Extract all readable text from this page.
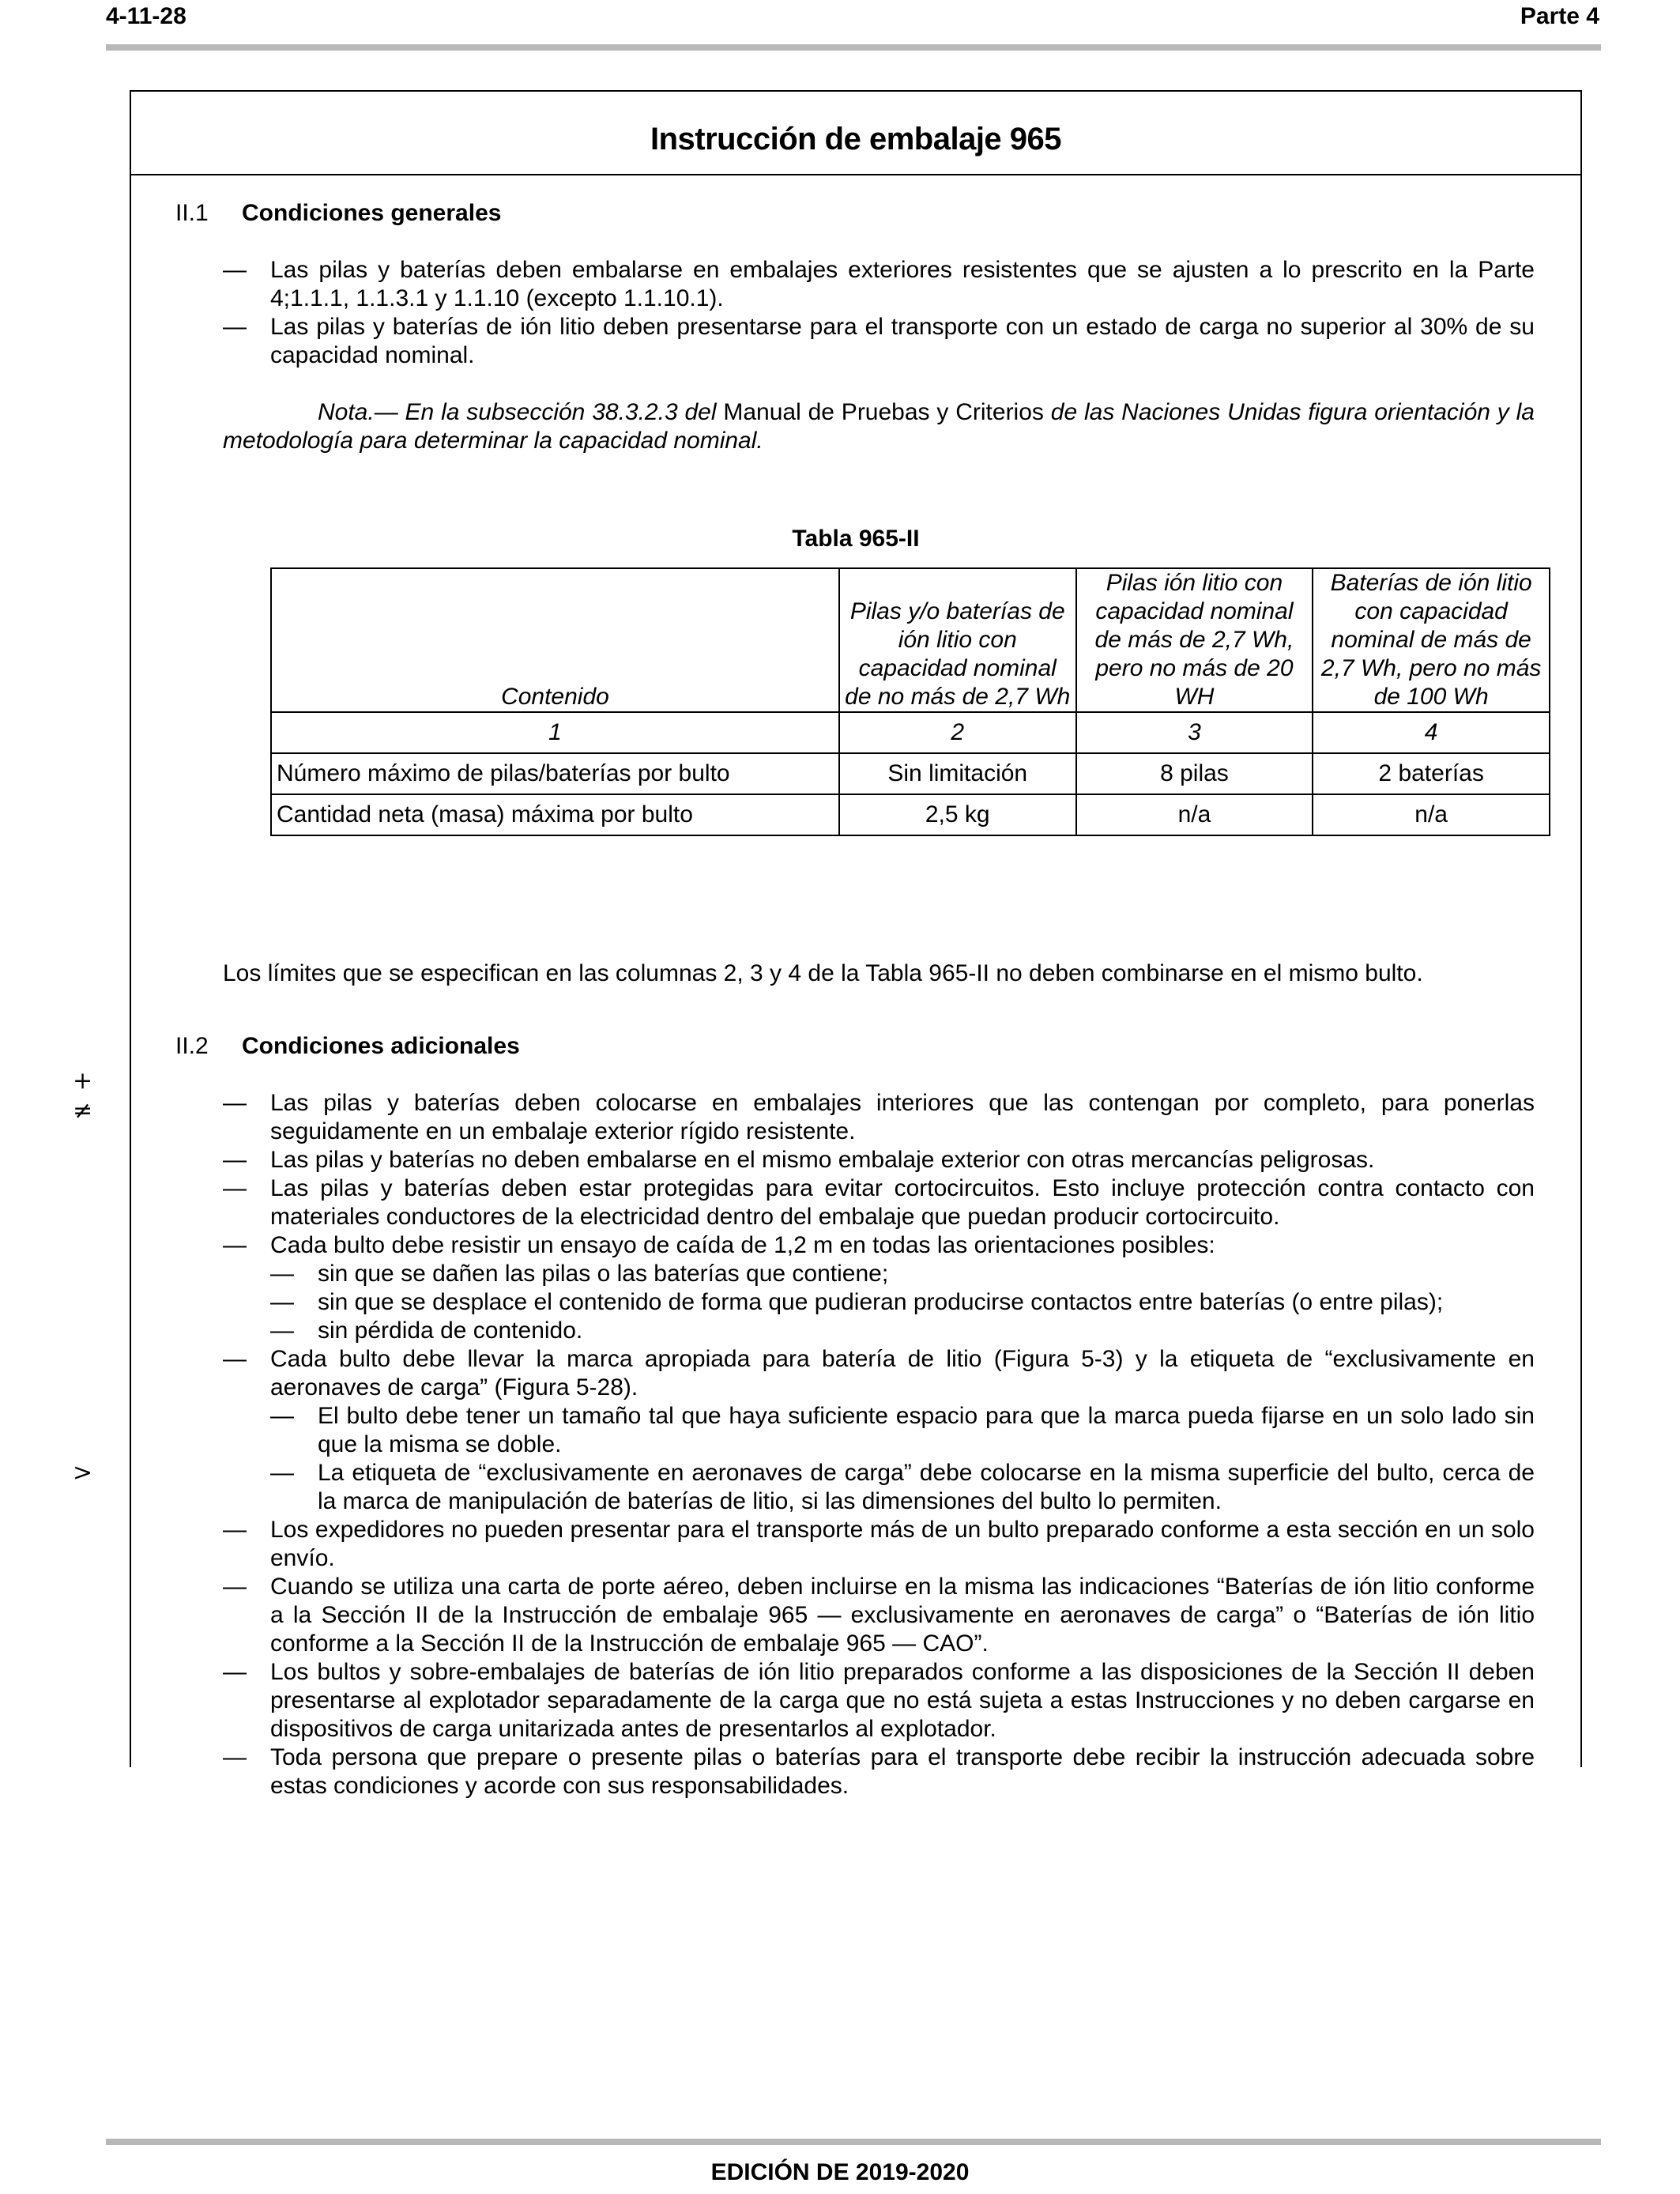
4-11-28	Parte 4
+
≠
>
Instrucción de embalaje 965
II.1 Condiciones generales

— Las pilas y baterías deben embalarse en embalajes exteriores resistentes que se ajusten a lo prescrito en la Parte 4;1.1.1, 1.1.3.1 y 1.1.10 (excepto 1.1.10.1).

— Las pilas y baterías de ión litio deben presentarse para el transporte con un estado de carga no superior al 30% de su capacidad nominal.

Nota.— En la subsección 38.3.2.3 del Manual de Pruebas y Criterios de las Naciones Unidas figura orientación y la metodología para determinar la capacidad nominal.
Tabla 965-II
Contenido	Pilas y/o baterías de ión litio con capacidad nominal de no más de 2,7 Wh	Pilas ión litio con capacidad nominal de más de 2,7 Wh, pero no más de 20 WH	Baterías de ión litio con capacidad nominal de más de 2,7 Wh, pero no más de 100 Wh
1	2	3	4
Número máximo de pilas/baterías por bulto	Sin limitación	8 pilas	2 baterías
Cantidad neta (masa) máxima por bulto	2,5 kg	n/a	n/a
Los límites que se especifican en las columnas 2, 3 y 4 de la Tabla 965-II no deben combinarse en el mismo bulto.
II.2 Condiciones adicionales

— Las pilas y baterías deben colocarse en embalajes interiores que las contengan por completo, para ponerlas seguidamente en un embalaje exterior rígido resistente.

— Las pilas y baterías no deben embalarse en el mismo embalaje exterior con otras mercancías peligrosas.

— Las pilas y baterías deben estar protegidas para evitar cortocircuitos. Esto incluye protección contra contacto con materiales conductores de la electricidad dentro del embalaje que puedan producir cortocircuito.

— Cada bulto debe resistir un ensayo de caída de 1,2 m en todas las orientaciones posibles:
— sin que se dañen las pilas o las baterías que contiene;
— sin que se desplace el contenido de forma que pudieran producirse contactos entre baterías (o entre pilas);
— sin pérdida de contenido.
— Cada bulto debe llevar la marca apropiada para batería de litio (Figura 5-3) y la etiqueta de “exclusivamente en aeronaves de carga” (Figura 5-28).
— El bulto debe tener un tamaño tal que haya suficiente espacio para que la marca pueda fijarse en un solo lado sin que la misma se doble.
— La etiqueta de “exclusivamente en aeronaves de carga” debe colocarse en la misma superficie del bulto, cerca de la marca de manipulación de baterías de litio, si las dimensiones del bulto lo permiten.

— Los expedidores no pueden presentar para el transporte más de un bulto preparado conforme a esta sección en un solo envío.

— Cuando se utiliza una carta de porte aéreo, deben incluirse en la misma las indicaciones “Baterías de ión litio conforme a la Sección II de la Instrucción de embalaje 965 — exclusivamente en aeronaves de carga” o “Baterías de ión litio conforme a la Sección II de la Instrucción de embalaje 965 — CAO”.

— Los bultos y sobre-embalajes de baterías de ión litio preparados conforme a las disposiciones de la Sección II deben presentarse al explotador separadamente de la carga que no está sujeta a estas Instrucciones y no deben cargarse en dispositivos de carga unitarizada antes de presentarlos al explotador.

— Toda persona que prepare o presente pilas o baterías para el transporte debe recibir la instrucción adecuada sobre estas condiciones y acorde con sus responsabilidades.

EDICIÓN DE 2019-2020
